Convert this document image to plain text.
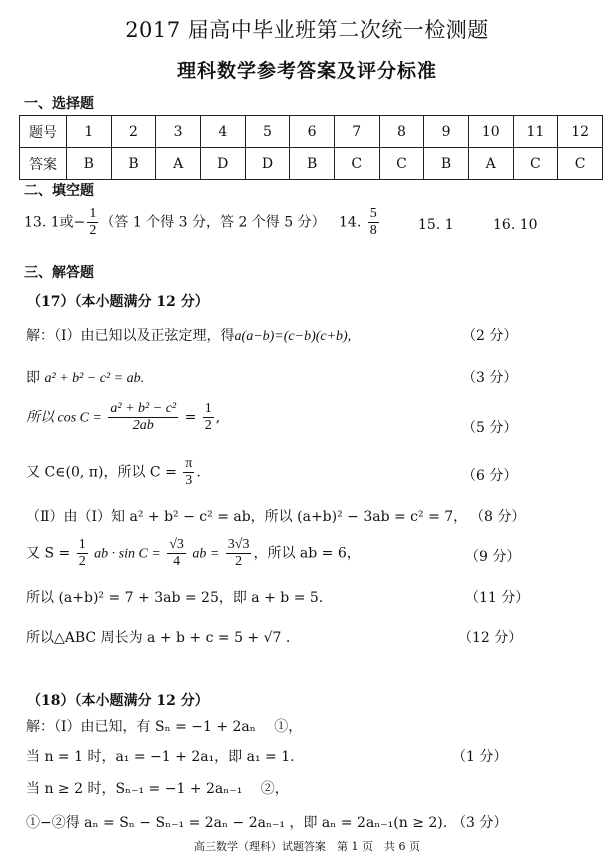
2017 届高中毕业班第二次统一检测题
理科数学参考答案及评分标准
一、选择题
题号	1	2	3	4	5	6	7	8	9	10	11	12
答案	B	B	A	D	D	B	C	C	B	A	C	C
二、填空题
13. 1或− $\frac{1}{2}$ （答 1 个得 3 分，答 2 个得 5 分） 14. $\frac{5}{8}$	15. 1	16. 10
三、解答题
（17）（本小题满分 12 分）
解：（Ⅰ）由已知以及正弦定理，得a(a−b)=(c−b)(c+b),	（2 分）
即 a² + b² − c² = ab.	（3 分）
所以 $\cos C = \frac{\text{a² + b² − c²}}{2ab} = \frac{1}{2}$ ,
（5 分）
又 C∈(0, π)，所以 $C = \frac{\pi}{3}$ .	（6 分）
（Ⅱ）由（Ⅰ）知 a² + b² − c² = ab，所以 (a+b)² − 3ab = c² = 7， （8 分）
又 $S = \frac{1}{2}$ ab · $\sin C = \frac{√3}{4}$ ab = $\frac{3√3}{2}$ ，所以 ab = 6，	（9 分）
所以 (a+b)² = 7 + 3ab = 25，即 a + b = 5.	（11 分）
所以△ABC 周长为 a + b + c = 5 + √7 .	（12 分）
（18）（本小题满分 12 分）
解：（Ⅰ）由已知，有 Sₙ = −1 + 2aₙ　 ①，
当 n = 1 时，a₁ = −1 + 2a₁，即 a₁ = 1.	（1 分）
当 n ≥ 2 时，Sₙ₋₁ = −1 + 2aₙ₋₁　 ②，
①−②得 aₙ = Sₙ − Sₙ₋₁ = 2aₙ − 2aₙ₋₁ ，即 aₙ = 2aₙ₋₁(n ≥ 2). （3 分）
高三数学（理科）试题答案　第 1 页　共 6 页
